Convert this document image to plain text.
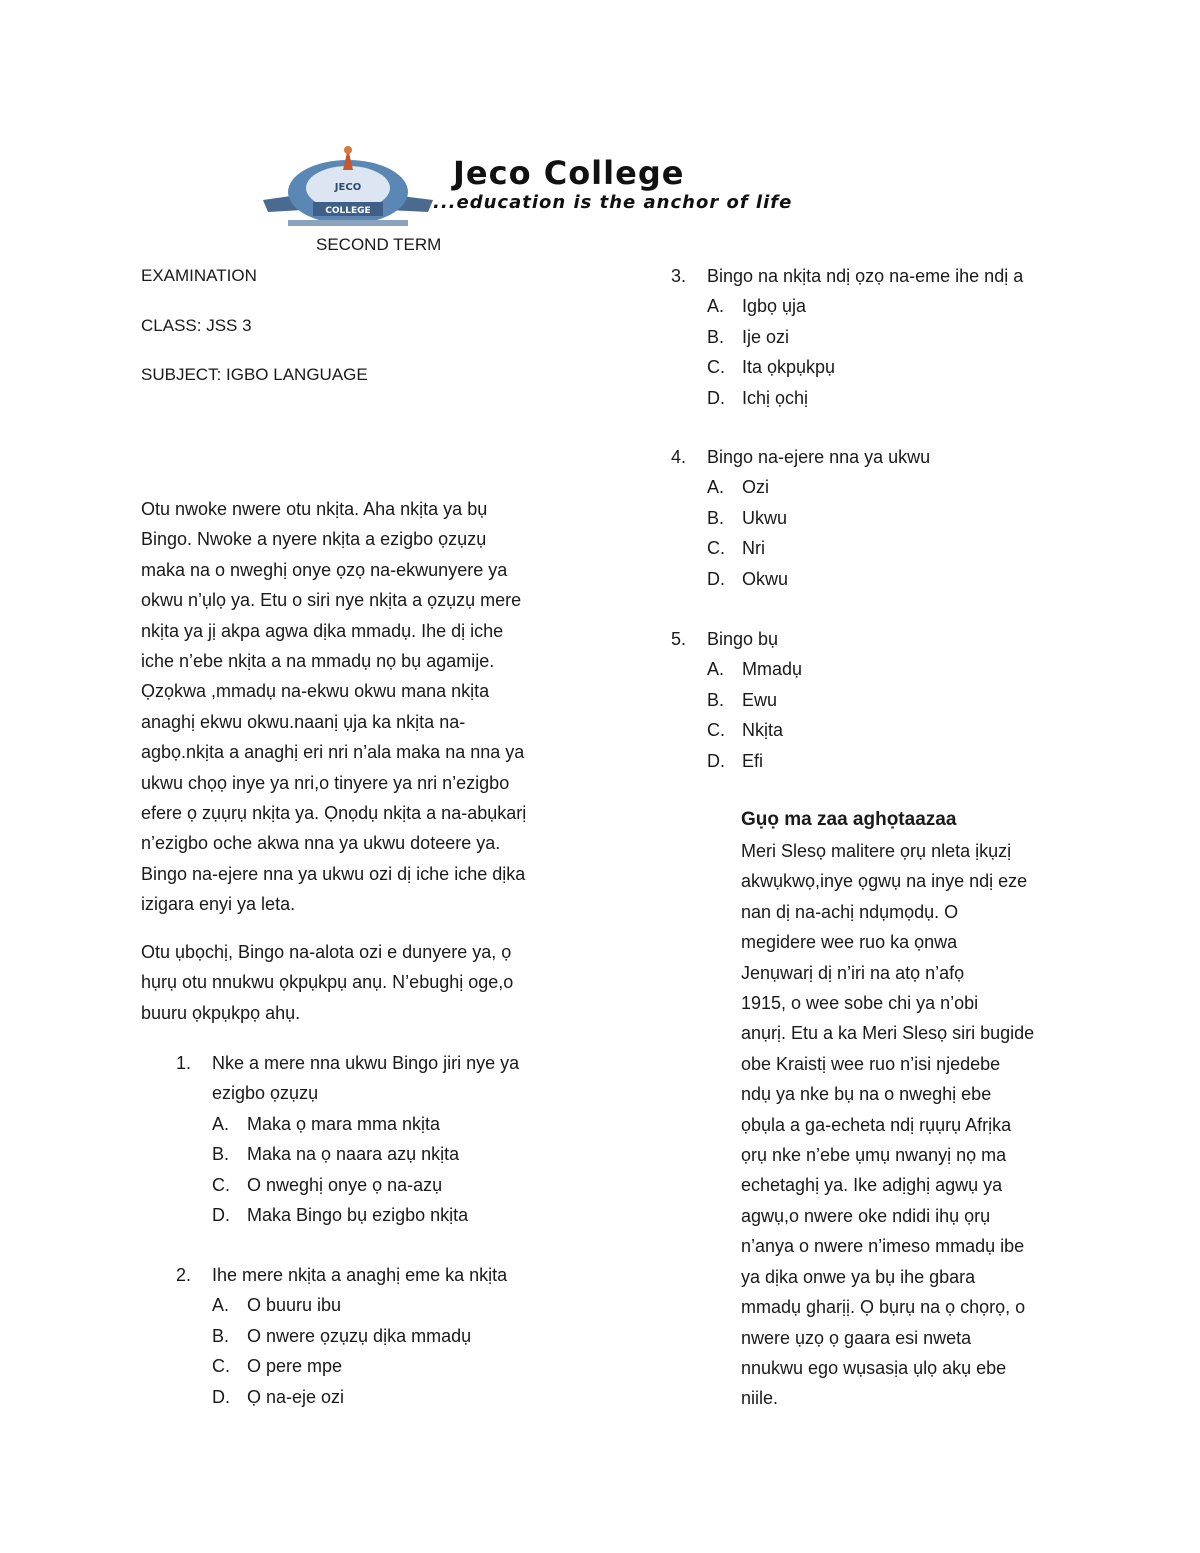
COLLEGE
JECO	Jeco College
...education is the anchor of life
SECOND TERM
EXAMINATION
CLASS: JSS 3
SUBJECT: IGBO LANGUAGE
Otu nwoke nwere otu nkịta. Aha nkịta ya bụ
Bingo. Nwoke a nyere nkịta a ezigbo ọzụzụ
maka na o nweghị onye ọzọ na-ekwunyere ya
okwu n’ụlọ ya. Etu o siri nye nkịta a ọzụzụ mere
nkịta ya jị akpa agwa dịka mmadụ. Ihe dị iche
iche n’ebe nkịta a na mmadụ nọ bụ agamije.
Ọzọkwa ,mmadụ na-ekwu okwu mana nkịta
anaghị ekwu okwu.naanị ụja ka nkịta na-
agbọ.nkịta a anaghị eri nri n’ala maka na nna ya
ukwu chọọ inye ya nri,o tinyere ya nri n’ezigbo
efere ọ zụụrụ nkịta ya. Ọnọdụ nkịta a na-abụkarị
n’ezigbo oche akwa nna ya ukwu doteere ya.
Bingo na-ejere nna ya ukwu ozi dị iche iche dịka
izigara enyi ya leta.
Otu ụbọchị, Bingo na-alota ozi e dunyere ya, ọ
hụrụ otu nnukwu ọkpụkpụ anụ. N’ebughị oge,o
buuru ọkpụkpọ ahụ.
1. Nke a mere nna ukwu Bingo jiri nye ya
ezigbo ọzụzụ
A. Maka ọ mara mma nkịta
B. Maka na ọ naara azụ nkịta
C. O nweghị onye ọ na-azụ
D. Maka Bingo bụ ezigbo nkịta
2. Ihe mere nkịta a anaghị eme ka nkịta
A. O buuru ibu
B. O nwere ọzụzụ dịka mmadụ
C. O pere mpe
D. Ọ na-eje ozi
3. Bingo na nkịta ndị ọzọ na-eme ihe ndị a
A. Igbọ ụja
B. Ije ozi
C. Ita ọkpụkpụ
D. Ichị ọchị
4. Bingo na-ejere nna ya ukwu
A. Ozi
B. Ukwu
C. Nri
D. Okwu
5. Bingo bụ
A. Mmadụ
B. Ewu
C. Nkịta
D. Efi
Gụọ ma zaa aghọtaazaa
Meri Slesọ malitere ọrụ nleta ịkụzị
akwụkwọ,inye ọgwụ na inye ndị eze
nan dị na-achị ndụmọdụ. O
megidere wee ruo ka ọnwa
Jenụwarị dị n’iri na atọ n’afọ
1915, o wee sobe chi ya n’obi
anụrị. Etu a ka Meri Slesọ siri bugide
obe Kraistị wee ruo n’isi njedebe
ndụ ya nke bụ na o nweghị ebe
ọbụla a ga-echeta ndị rụụrụ Afrịka
ọrụ nke n’ebe ụmụ nwanyị nọ ma
echetaghị ya. Ike adịghị agwụ ya
agwụ,o nwere oke ndidi ihụ ọrụ
n’anya o nwere n’imeso mmadụ ibe
ya dịka onwe ya bụ ihe gbara
mmadụ gharịị. Ọ bụrụ na ọ chọrọ, o
nwere ụzọ ọ gaara esi nweta
nnukwu ego wụsasịa ụlọ akụ ebe
niile.
